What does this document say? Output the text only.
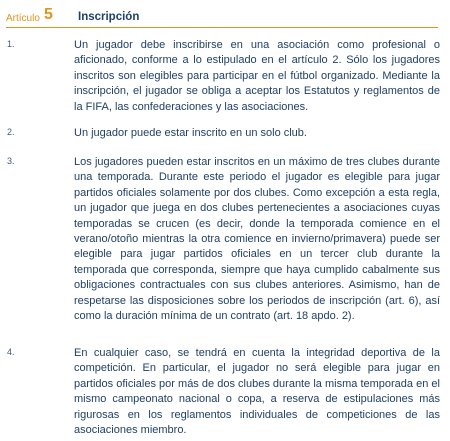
Artículo 5 Inscripción
1.	Un jugador debe inscribirse en una asociación como profesional o aficionado, conforme a lo estipulado en el artículo 2. Sólo los jugadores inscritos son elegibles para participar en el fútbol organizado. Mediante la inscripción, el jugador se obliga a aceptar los Estatutos y reglamentos de la FIFA, las confederaciones y las asociaciones.
2.	Un jugador puede estar inscrito en un solo club.
3.	Los jugadores pueden estar inscritos en un máximo de tres clubes durante una temporada. Durante este periodo el jugador es elegible para jugar partidos oficiales solamente por dos clubes. Como excepción a esta regla, un jugador que juega en dos clubes pertenecientes a asociaciones cuyas temporadas se crucen (es decir, donde la temporada comience en el verano/otoño mientras la otra comience en invierno/primavera) puede ser elegible para jugar partidos oficiales en un tercer club durante la temporada que corresponda, siempre que haya cumplido cabalmente sus obligaciones contractuales con sus clubes anteriores. Asimismo, han de respetarse las disposiciones sobre los periodos de inscripción (art. 6), así como la duración mínima de un contrato (art. 18 apdo. 2).
4.	En cualquier caso, se tendrá en cuenta la integridad deportiva de la competición. En particular, el jugador no será elegible para jugar en partidos oficiales por más de dos clubes durante la misma temporada en el mismo campeonato nacional o copa, a reserva de estipulaciones más rigurosas en los reglamentos individuales de competiciones de las asociaciones miembro.
